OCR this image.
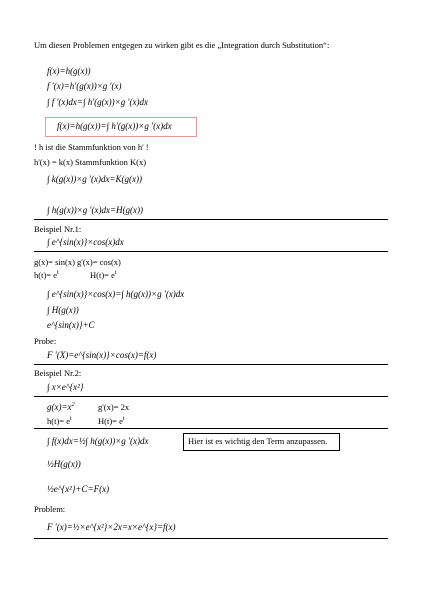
Um diesen Problemen entgegen zu wirken gibt es die „Integration durch Substitution“:
f(x)=h(g(x))
f ′(x)=h′(g(x))×g ′(x)
∫ f ′(x)dx=∫ h′(g(x))×g ′(x)dx
f(x)=h(g(x))=∫ h′(g(x))×g ′(x)dx
! h ist die Stammfunktion von h' !
h'(x) = k(x) Stammfunktion K(x)
∫ k(g(x))×g ′(x)dx=K(g(x))
∫ h(g(x))×g ′(x)dx=H(g(x))
Beispiel Nr.1:
∫ e^{sin(x)}×cos(x)dx
g(x)= sin(x) g'(x)= cos(x)
$h(t)= e^t$	$H(t)= e^t$
∫ e^{sin(x)}×cos(x)=∫ h(g(x))×g ′(x)dx
∫ H(g(x))
e^{sin(x)}+C
Probe:
F ′(X)=e^{sin(x)}×cos(x)=f(x)
Beispiel Nr.2:
∫ x×e^{x²}
$g(x)=x^2$	g'(x)= 2x
$h(t)= e^t$	$H(t)= e^t$
∫ f(x)dx=½∫ h(g(x))×g ′(x)dx	Hier ist es wichtig den Term anzupassen.
½H(g(x))
½e^{x²}+C=F(x)
Problem:
F ′(x)=½×e^{x²}×2x=x×e^{x}=f(x)
